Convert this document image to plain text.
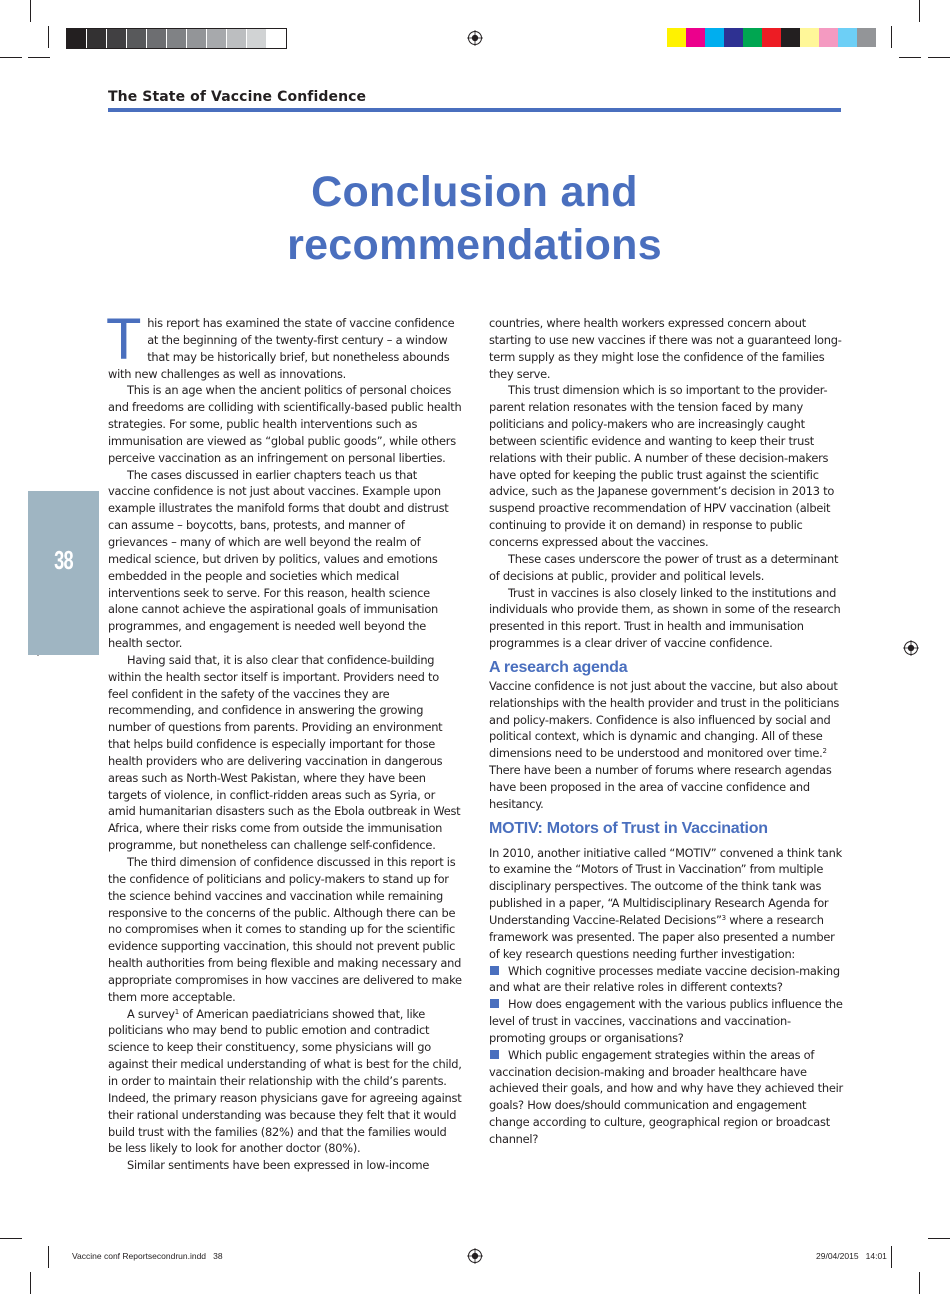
The State of Vaccine Confidence
Conclusion and
recommendations
38

This report has examined the state of vaccine confidence at the beginning of the twenty-first century – a window that may be historically brief, but nonetheless abounds with new challenges as well as innovations.

This is an age when the ancient politics of personal choices and freedoms are colliding with scientifically-based public health strategies. For some, public health interventions such as immunisation are viewed as “global public goods”, while others perceive vaccination as an infringement on personal liberties.

The cases discussed in earlier chapters teach us that vaccine confidence is not just about vaccines. Example upon example illustrates the manifold forms that doubt and distrust can assume – boycotts, bans, protests, and manner of grievances – many of which are well beyond the realm of medical science, but driven by politics, values and emotions embedded in the people and societies which medical interventions seek to serve. For this reason, health science alone cannot achieve the aspirational goals of immunisation programmes, and engagement is needed well beyond the health sector.

Having said that, it is also clear that confidence-building within the health sector itself is important. Providers need to feel confident in the safety of the vaccines they are recommending, and confidence in answering the growing number of questions from parents. Providing an environment that helps build confidence is especially important for those health providers who are delivering vaccination in dangerous areas such as North-West Pakistan, where they have been targets of violence, in conflict-ridden areas such as Syria, or amid humanitarian disasters such as the Ebola outbreak in West Africa, where their risks come from outside the immunisation programme, but nonetheless can challenge self-confidence.

The third dimension of confidence discussed in this report is the confidence of politicians and policy-makers to stand up for the science behind vaccines and vaccination while remaining responsive to the concerns of the public. Although there can be no compromises when it comes to standing up for the scientific evidence supporting vaccination, this should not prevent public health authorities from being flexible and making necessary and appropriate compromises in how vaccines are delivered to make them more acceptable.

A survey$^1$ of American paediatricians showed that, like politicians who may bend to public emotion and contradict science to keep their constituency, some physicians will go against their medical understanding of what is best for the child, in order to maintain their relationship with the child’s parents. Indeed, the primary reason physicians gave for agreeing against their rational understanding was because they felt that it would build trust with the families (82%) and that the families would be less likely to look for another doctor (80%).

Similar sentiments have been expressed in low-income

countries, where health workers expressed concern about starting to use new vaccines if there was not a guaranteed long-term supply as they might lose the confidence of the families they serve.

This trust dimension which is so important to the provider-parent relation resonates with the tension faced by many politicians and policy-makers who are increasingly caught between scientific evidence and wanting to keep their trust relations with their public. A number of these decision-makers have opted for keeping the public trust against the scientific advice, such as the Japanese government’s decision in 2013 to suspend proactive recommendation of HPV vaccination (albeit continuing to provide it on demand) in response to public concerns expressed about the vaccines.

These cases underscore the power of trust as a determinant of decisions at public, provider and political levels.

Trust in vaccines is also closely linked to the institutions and individuals who provide them, as shown in some of the research presented in this report. Trust in health and immunisation programmes is a clear driver of vaccine confidence.

A research agenda

Vaccine confidence is not just about the vaccine, but also about relationships with the health provider and trust in the politicians and policy-makers. Confidence is also influenced by social and political context, which is dynamic and changing. All of these dimensions need to be understood and monitored over time.$^2$ There have been a number of forums where research agendas have been proposed in the area of vaccine confidence and hesitancy.

MOTIV: Motors of Trust in Vaccination

In 2010, another initiative called “MOTIV” convened a think tank to examine the “Motors of Trust in Vaccination” from multiple disciplinary perspectives. The outcome of the think tank was published in a paper, “A Multidisciplinary Research Agenda for Understanding Vaccine-Related Decisions”$^3$ where a research framework was presented. The paper also presented a number of key research questions needing further investigation:

Which cognitive processes mediate vaccine decision-making and what are their relative roles in different contexts?

How does engagement with the various publics influence the level of trust in vaccines, vaccinations and vaccination-promoting groups or organisations?

Which public engagement strategies within the areas of vaccination decision-making and broader healthcare have achieved their goals, and how and why have they achieved their goals? How does/should communication and engagement change according to culture, geographical region or broadcast channel?

Vaccine conf Reportsecondrun.indd   38	29/04/2015   14:01
